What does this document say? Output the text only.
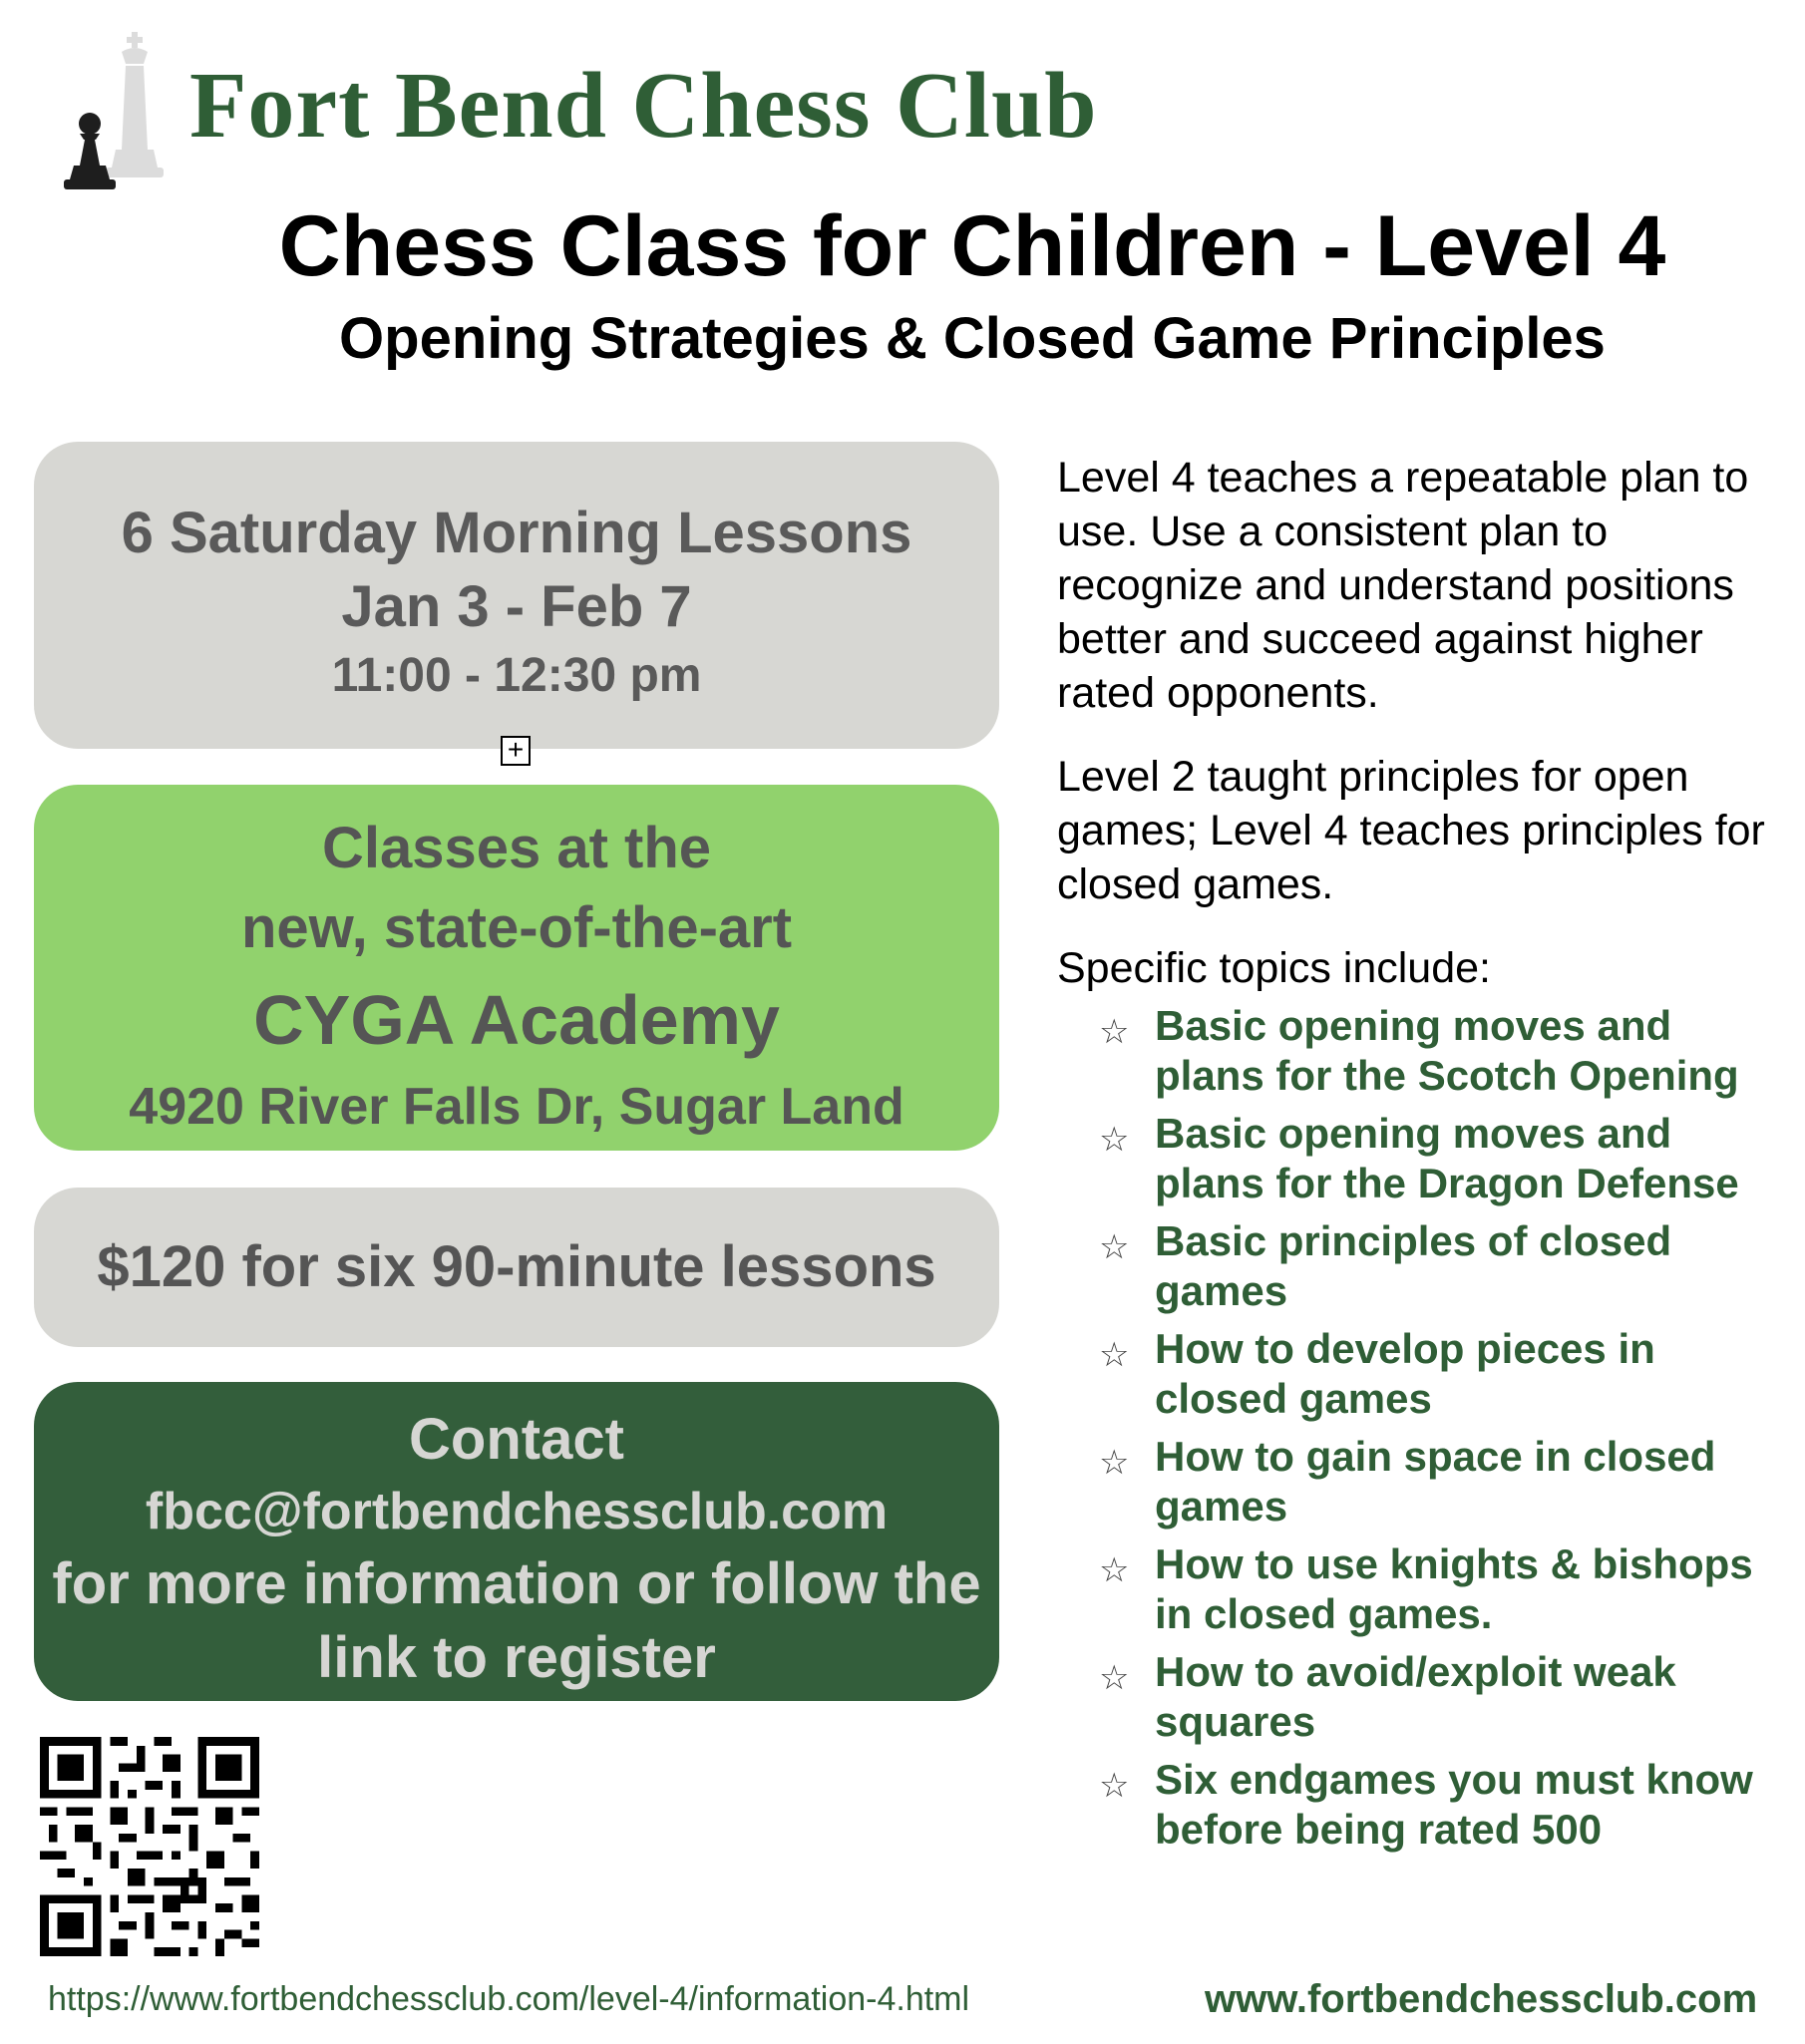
Fort Bend Chess Club
Chess Class for Children - Level 4
Opening Strategies & Closed Game Principles
6 Saturday Morning Lessons
Jan 3 - Feb 7
11:00 - 12:30 pm
+
Classes at the
new, state-of-the-art
CYGA Academy
4920 River Falls Dr, Sugar Land
$120 for six 90-minute lessons
Contact
fbcc@fortbendchessclub.com
for more information or follow the
link to register

Level 4 teaches a repeatable plan to use. Use a consistent plan to recognize and understand positions better and succeed against higher rated opponents.

Level 2 taught principles for open games; Level 4 teaches principles for closed games.

Specific topics include:

☆ Basic opening moves and plans for the Scotch Opening
☆ Basic opening moves and plans for the Dragon Defense
☆ Basic principles of closed games
☆ How to develop pieces in closed games
☆ How to gain space in closed games
☆ How to use knights & bishops in closed games.
☆ How to avoid/exploit weak squares
☆ Six endgames you must know before being rated 500
https://www.fortbendchessclub.com/level-4/information-4.html	www.fortbendchessclub.com
